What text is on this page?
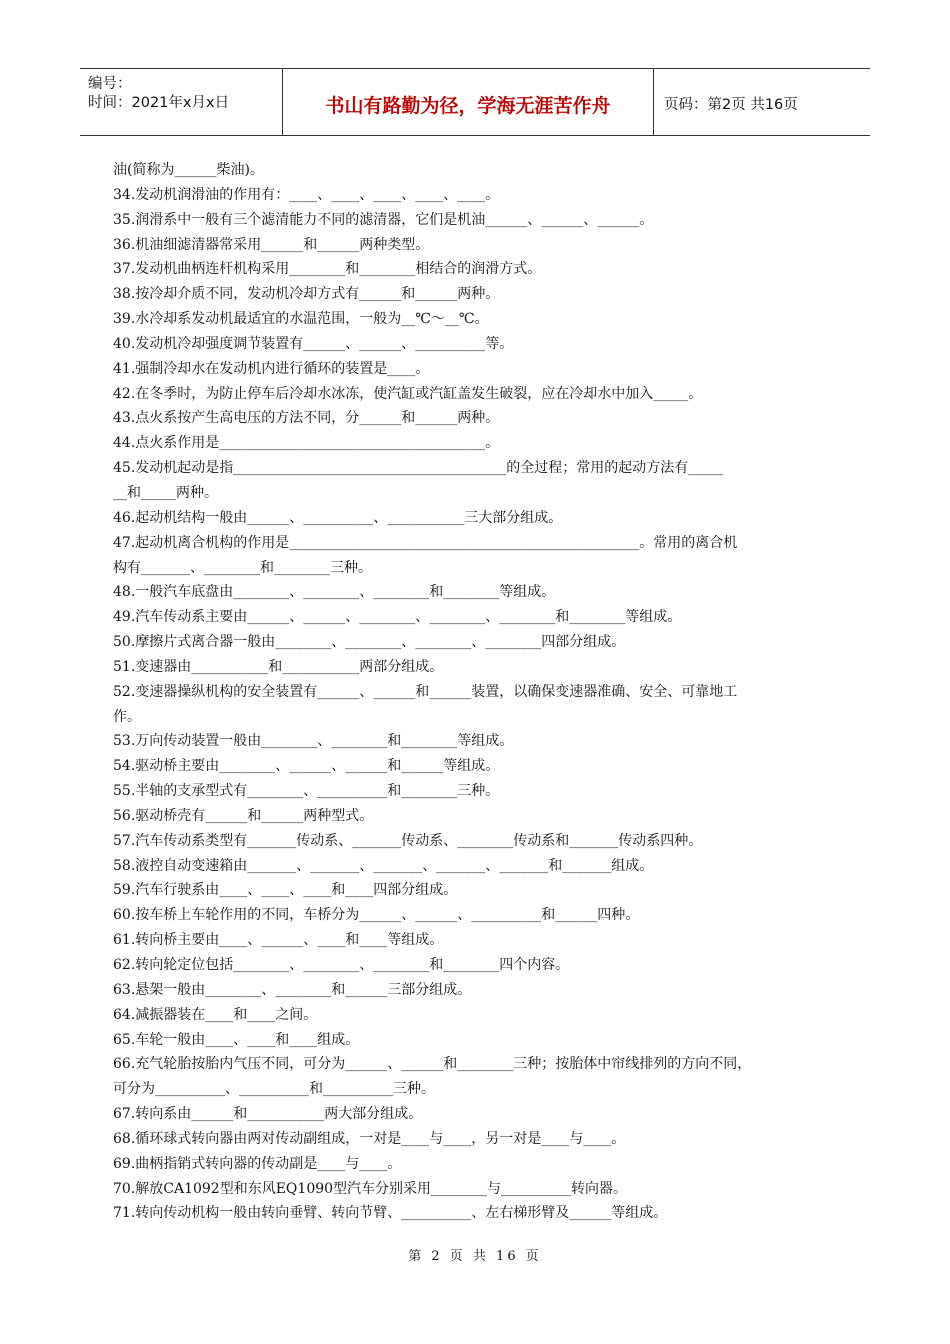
编号：
时间：2021年x月x日	书山有路勤为径，学海无涯苦作舟	页码：第2页 共16页
油(简称为______柴油)。
34.发动机润滑油的作用有：____、____、____、____、____。
35.润滑系中一般有三个滤清能力不同的滤清器，它们是机油______、______、______。
36.机油细滤清器常采用______和______两种类型。
37.发动机曲柄连杆机构采用________和________相结合的润滑方式。
38.按冷却介质不同，发动机冷却方式有______和______两种。
39.水冷却系发动机最适宜的水温范围，一般为__℃～__℃。
40.发动机冷却强度调节装置有______、______、__________等。
41.强制冷却水在发动机内进行循环的装置是____。
42.在冬季时，为防止停车后冷却水冰冻，使汽缸或汽缸盖发生破裂，应在冷却水中加入_____。
43.点火系按产生高电压的方法不同，分______和______两种。
44.点火系作用是______________________________________。
45.发动机起动是指_______________________________________的全过程；常用的起动方法有_____
__和_____两种。
46.起动机结构一般由______、__________、___________三大部分组成。
47.起动机离合机构的作用是__________________________________________________。常用的离合机
构有_______、________和________三种。
48.一般汽车底盘由________、________、________和________等组成。
49.汽车传动系主要由______、______、________、________、________和________等组成。
50.摩擦片式离合器一般由________、________、________、________四部分组成。
51.变速器由___________和___________两部分组成。
52.变速器操纵机构的安全装置有______、______和______装置，以确保变速器准确、安全、可靠地工
作。
53.万向传动装置一般由________、________和________等组成。
54.驱动桥主要由________、______、______和______等组成。
55.半轴的支承型式有________、__________和________三种。
56.驱动桥壳有______和______两种型式。
57.汽车传动系类型有_______传动系、_______传动系、________传动系和_______传动系四种。
58.液控自动变速箱由_______、_______、_______、_______、_______和_______组成。
59.汽车行驶系由____、____、____和____四部分组成。
60.按车桥上车轮作用的不同，车桥分为______、______、__________和______四种。
61.转向桥主要由____、______、____和____等组成。
62.转向轮定位包括________、________、________和________四个内容。
63.悬架一般由________、________和______三部分组成。
64.减振器装在____和____之间。
65.车轮一般由____、____和____组成。
66.充气轮胎按胎内气压不同，可分为______、______和________三种；按胎体中帘线排列的方向不同，
可分为__________、__________和__________三种。
67.转向系由______和___________两大部分组成。
68.循环球式转向器由两对传动副组成，一对是____与____，另一对是____与____。
69.曲柄指销式转向器的传动副是____与____。
70.解放CA1092型和东风EQ1090型汽车分别采用________与__________转向器。
71.转向传动机构一般由转向垂臂、转向节臂、__________、左右梯形臂及______等组成。
第 2 页 共 16 页
